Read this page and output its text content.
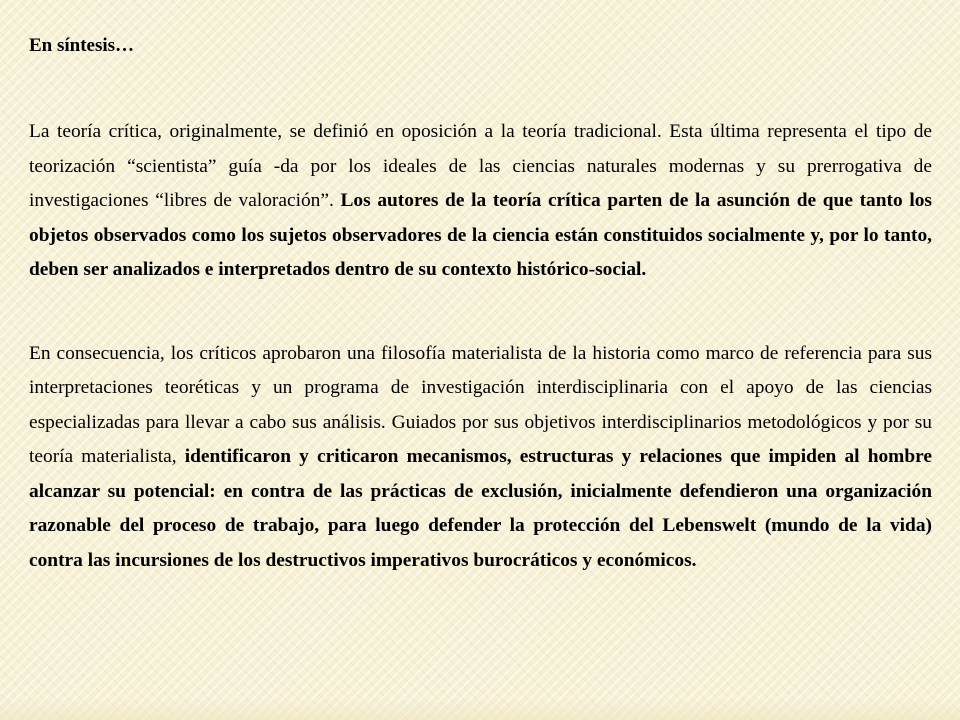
En síntesis…

La teoría crítica, originalmente, se definió en oposición a la teoría tradicional. Esta última representa el tipo de teorización “scientista” guía -da por los ideales de las ciencias naturales modernas y su prerrogativa de investigaciones “libres de valoración”. Los autores de la teoría crítica parten de la asunción de que tanto los objetos observados como los sujetos observadores de la ciencia están constituidos socialmente y, por lo tanto, deben ser analizados e interpretados dentro de su contexto histórico-social.

En consecuencia, los críticos aprobaron una filosofía materialista de la historia como marco de referencia para sus interpretaciones teoréticas y un programa de investigación interdisciplinaria con el apoyo de las ciencias especializadas para llevar a cabo sus análisis. Guiados por sus objetivos interdisciplinarios metodológicos y por su teoría materialista, identificaron y criticaron mecanismos, estructuras y relaciones que impiden al hombre alcanzar su potencial: en contra de las prácticas de exclusión, inicialmente defendieron una organización razonable del proceso de trabajo, para luego defender la protección del Lebenswelt (mundo de la vida) contra las incursiones de los destructivos imperativos burocráticos y económicos.
